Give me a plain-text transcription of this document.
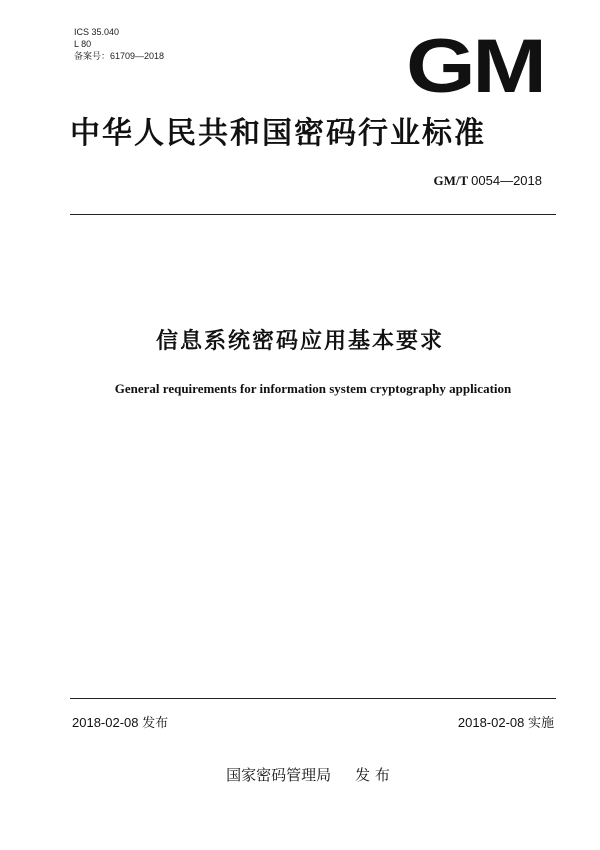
ICS 35.040
L 80
备案号：61709—2018	GM
中华人民共和国密码行业标准
GM/T 0054—2018
信息系统密码应用基本要求
General requirements for information system cryptography application
2018-02-08 发布	2018-02-08 实施
国家密码管理局 发 布
